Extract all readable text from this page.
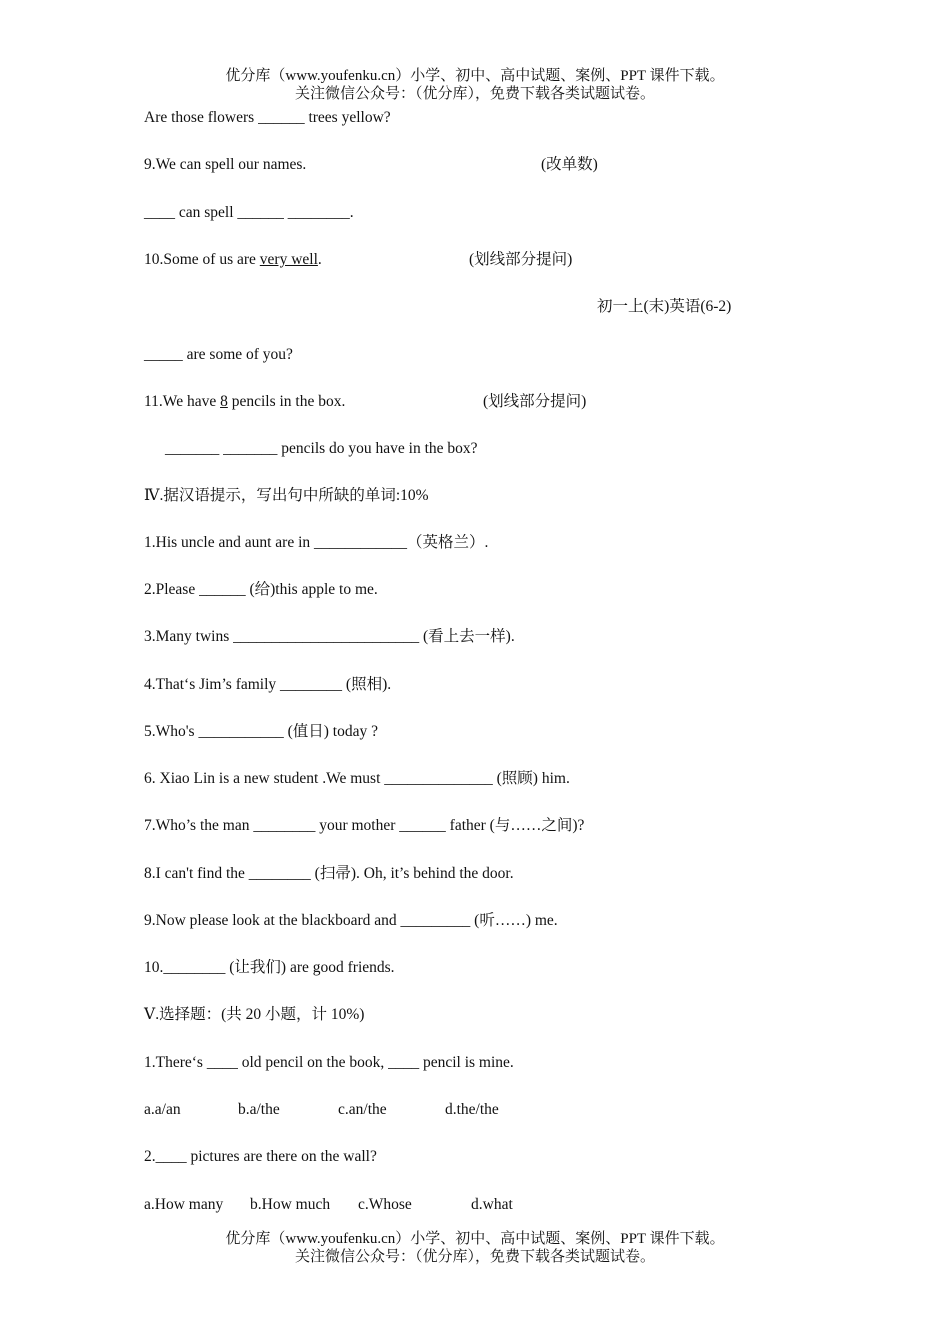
优分库（www.youfenku.cn）小学、初中、高中试题、案例、PPT 课件下载。
关注微信公众号：（优分库），免费下载各类试题试卷。
Are those flowers ______ trees yellow?
9.We can spell our names.	(改单数)
____ can spell ______ ________.
10.Some of us are very well.	(划线部分提问)
初一上(末)英语(6-2)
_____ are some of you?
11.We have 8 pencils in the box.	(划线部分提问)
_______ _______ pencils do you have in the box?
Ⅳ.据汉语提示，写出句中所缺的单词:10%
1.His uncle and aunt are in ____________（英格兰）.
2.Please ______ (给)this apple to me.
3.Many twins ________________________ (看上去一样).
4.That‘s Jim’s family ________ (照相).
5.Who's ___________ (值日) today ?
6. Xiao Lin is a new student .We must ______________ (照顾) him.
7.Who’s the man ________ your mother ______ father (与……之间)?
8.I can't find the ________ (扫帚). Oh, it’s behind the door.
9.Now please look at the blackboard and _________ (听……) me.
10.________ (让我们) are good friends.
Ⅴ.选择题：(共 20 小题，计 10%)
1.There‘s ____ old pencil on the book, ____ pencil is mine.
a.a/an	b.a/the	c.an/the	d.the/the
2.____ pictures are there on the wall?
a.How many b.How much c.Whose	d.what
优分库（www.youfenku.cn）小学、初中、高中试题、案例、PPT 课件下载。
关注微信公众号：（优分库），免费下载各类试题试卷。
